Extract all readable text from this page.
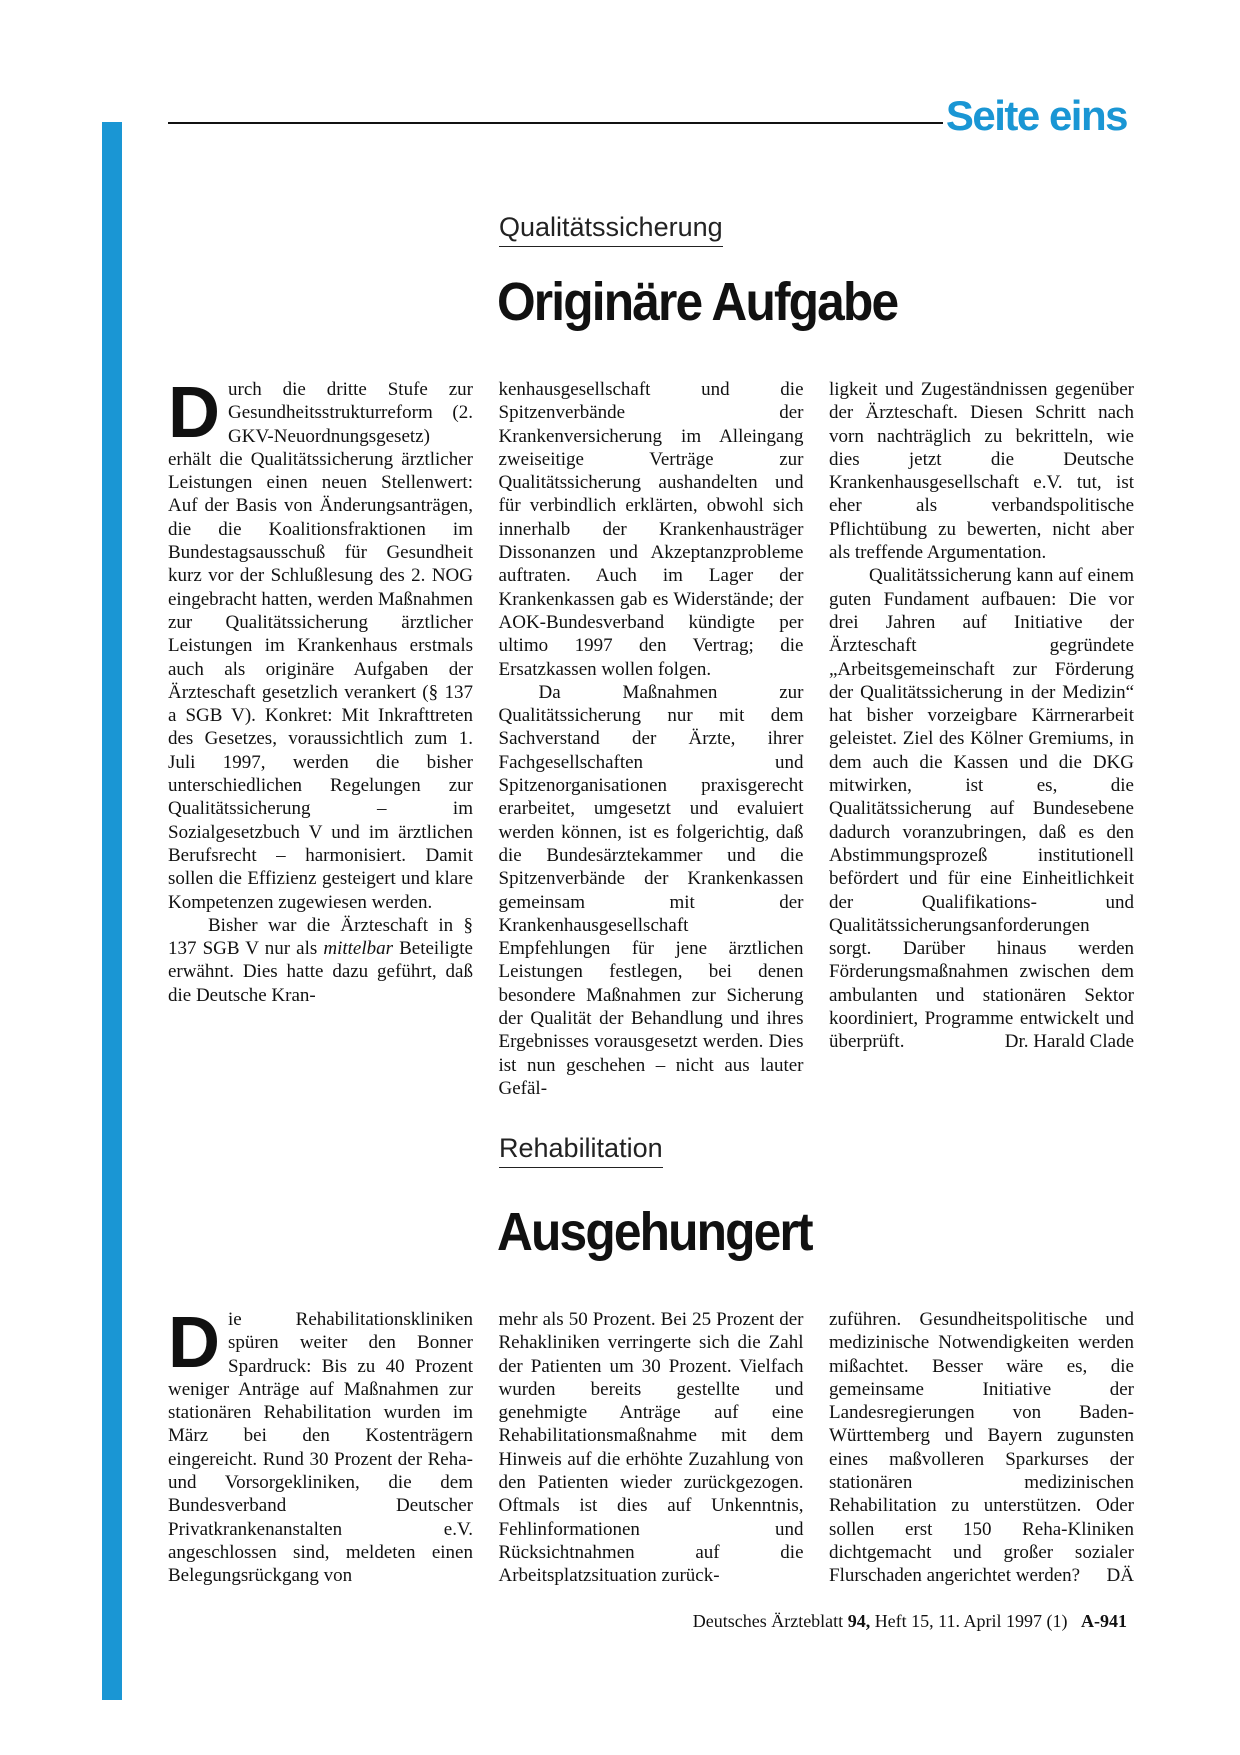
Seite eins
Qualitätssicherung
Originäre Aufgabe

Durch die dritte Stufe zur Gesundheitsstrukturreform (2. GKV-Neuordnungsgesetz) erhält die Qualitätssicherung ärztlicher Leistungen einen neuen Stellenwert: Auf der Basis von Änderungsanträgen, die die Koalitionsfraktionen im Bundestagsausschuß für Gesundheit kurz vor der Schlußlesung des 2. NOG eingebracht hatten, werden Maßnahmen zur Qualitätssicherung ärztlicher Leistungen im Krankenhaus erstmals auch als originäre Aufgaben der Ärzteschaft gesetzlich verankert (§ 137 a SGB V). Konkret: Mit Inkrafttreten des Gesetzes, voraussichtlich zum 1. Juli 1997, werden die bisher unterschiedlichen Regelungen zur Qualitätssicherung – im Sozialgesetzbuch V und im ärztlichen Berufsrecht – harmonisiert. Damit sollen die Effizienz gesteigert und klare Kompetenzen zugewiesen werden.

Bisher war die Ärzteschaft in § 137 SGB V nur als mittelbar Beteiligte erwähnt. Dies hatte dazu geführt, daß die Deutsche Kran-

kenhausgesellschaft und die Spitzenverbände der Krankenversicherung im Alleingang zweiseitige Verträge zur Qualitätssicherung aushandelten und für verbindlich erklärten, obwohl sich innerhalb der Krankenhausträger Dissonanzen und Akzeptanzprobleme auftraten. Auch im Lager der Krankenkassen gab es Widerstände; der AOK-Bundesverband kündigte per ultimo 1997 den Vertrag; die Ersatzkassen wollen folgen.

Da Maßnahmen zur Qualitätssicherung nur mit dem Sachverstand der Ärzte, ihrer Fachgesellschaften und Spitzenorganisationen praxisgerecht erarbeitet, umgesetzt und evaluiert werden können, ist es folgerichtig, daß die Bundesärztekammer und die Spitzenverbände der Krankenkassen gemeinsam mit der Krankenhausgesellschaft Empfehlungen für jene ärztlichen Leistungen festlegen, bei denen besondere Maßnahmen zur Sicherung der Qualität der Behandlung und ihres Ergebnisses vorausgesetzt werden. Dies ist nun geschehen – nicht aus lauter Gefäl-

ligkeit und Zugeständnissen gegenüber der Ärzteschaft. Diesen Schritt nach vorn nachträglich zu bekritteln, wie dies jetzt die Deutsche Krankenhausgesellschaft e.V. tut, ist eher als verbandspolitische Pflichtübung zu bewerten, nicht aber als treffende Argumentation.

Qualitätssicherung kann auf einem guten Fundament aufbauen: Die vor drei Jahren auf Initiative der Ärzteschaft gegründete „Arbeitsgemeinschaft zur Förderung der Qualitätssicherung in der Medizin“ hat bisher vorzeigbare Kärrnerarbeit geleistet. Ziel des Kölner Gremiums, in dem auch die Kassen und die DKG mitwirken, ist es, die Qualitätssicherung auf Bundesebene dadurch voranzubringen, daß es den Abstimmungsprozeß institutionell befördert und für eine Einheitlichkeit der Qualifikations- und Qualitätssicherungsanforderungen sorgt. Darüber hinaus werden Förderungsmaßnahmen zwischen dem ambulanten und stationären Sektor koordiniert, Programme entwickelt und überprüft.	Dr. Harald Clade

Rehabilitation
Ausgehungert

Die Rehabilitationskliniken spüren weiter den Bonner Spardruck: Bis zu 40 Prozent weniger Anträge auf Maßnahmen zur stationären Rehabilitation wurden im März bei den Kostenträgern eingereicht. Rund 30 Prozent der Reha- und Vorsorgekliniken, die dem Bundesverband Deutscher Privatkrankenanstalten e.V. angeschlossen sind, meldeten einen Belegungsrückgang von

mehr als 50 Prozent. Bei 25 Prozent der Rehakliniken verringerte sich die Zahl der Patienten um 30 Prozent. Vielfach wurden bereits gestellte und genehmigte Anträge auf eine Rehabilitationsmaßnahme mit dem Hinweis auf die erhöhte Zuzahlung von den Patienten wieder zurückgezogen. Oftmals ist dies auf Unkenntnis, Fehlinformationen und Rücksichtnahmen auf die Arbeitsplatzsituation zurück-

zuführen. Gesundheitspolitische und medizinische Notwendigkeiten werden mißachtet. Besser wäre es, die gemeinsame Initiative der Landesregierungen von Baden-Württemberg und Bayern zugunsten eines maßvolleren Sparkurses der stationären medizinischen Rehabilitation zu unterstützen. Oder sollen erst 150 Reha-Kliniken dichtgemacht und großer sozialer Flurschaden angerichtet werden? DÄ

Deutsches Ärzteblatt 94, Heft 15, 11. April 1997 (1) A-941
